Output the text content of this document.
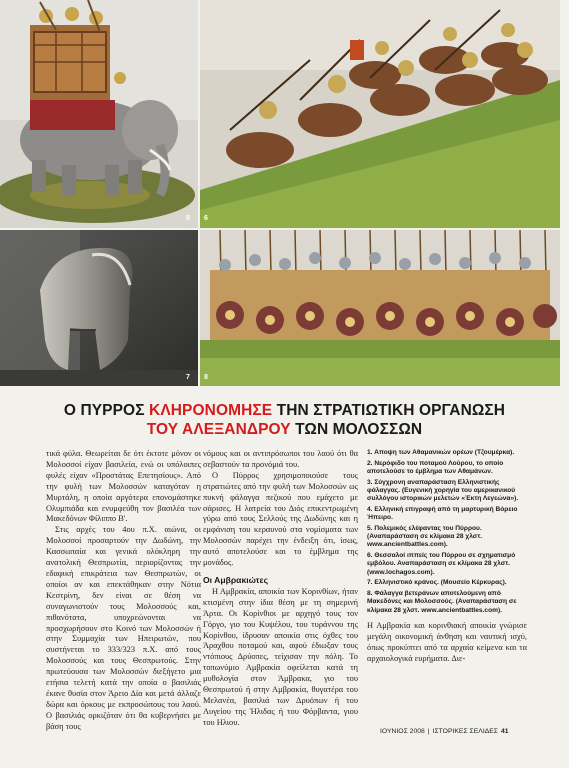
5 6
7 8
Ο ΠΥΡΡΟΣ ΚΛΗΡΟΝΟΜΗΣΕ ΤΗΝ ΣΤΡΑΤΙΩΤΙΚΗ ΟΡΓΑΝΩΣΗ
ΤΟΥ ΑΛΕΞΑΝΔΡΟΥ ΤΩΝ ΜΟΛΟΣΣΩΝ

τικά φύλα. Θεωρείται δε ότι έκτοτε μόνον οι Μολοσσοί είχαν βασιλεία, ενώ οι υπόλοιπες φυλές είχαν «Προστάτας Επετησίους». Από την φυλή των Μολοσσών καταγόταν η Μυρτάλη, η οποία αργότερα επονομάστηκε Ολυμπιάδα και ενυμφεύθη τον βασιλέα των Μακεδόνων Φίλιππο Β'.

Στις αρχές του 4ου π.Χ. αιώνα, οι Μολοσσοί προσαρτούν την Δωδώνη, την Κασσωπαία και γενικά ολόκληρη την ανατολική Θεσπρωτία, περιορίζοντας την εδαφική επικράτεια των Θεσπρωτών, οι οποίοι αν και επεκτάθηκαν στην Νότια Κεστρίνη, δεν είναι σε θέση να συναγωνιστούν τους Μολοσσούς και, πιθανότατα, υποχρεώνονται να προσχωρήσουν στο Κοινό των Μολοσσών ή στην Συμμαχία των Ηπειρωτών, που συστήνεται το 333/323 π.Χ. από τους Μολοσσούς και τους Θεσπρωτούς. Στην πρωτεύουσα των Μολοσσών διεξήγετο μια ετήσια τελετή κατά την οποία ο βασιλιάς έκανε θυσία στον Άρειο Δία και μετά άλλαζε δώρα και όρκους με εκπροσώπους του λαού. Ο βασιλιάς ορκιζόταν ότι θα κυβερνήσει με βάση τους

νόμους και οι αντιπρόσωποι του λαού ότι θα σεβαστούν τα προνόμιά του.

Ο Πύρρος χρησιμοποιούσε τους στρατιώτες από την φυλή των Μολοσσών ως πυκνή φάλαγγα πεζικού που εμάχετο με σάρισες. Η λατρεία του Διός επικεντρωμένη γύρω από τους Σελλούς της Δωδώνης και η εμφάνιση του κεραυνού στα νομίσματα των Μολοσσών παρέχει την ένδειξη ότι, ίσως, αυτό αποτελούσε και το έμβλημα της μονάδος.

Οι Αμβρακιώτες

Η Αμβρακία, αποικία των Κορινθίων, ήταν κτισμένη στην ίδια θέση με τη σημερινή Άρτα. Οι Κορίνθιοι με αρχηγό τους τον Γόργο, γιο του Κυψέλου, του τυράννου της Κορίνθου, ίδρυσαν αποικία στις όχθες του Άραχθου ποταμού και, αφού έδιωξαν τους ντόπιους Δρύοπες, τείχισαν την πόλη. Το τοπωνύμιο Αμβρακία οφείλεται κατά τη μυθολογία στον Άμβρακα, γιο του Θεσπρωτού ή στην Αμβρακία, θυγατέρα του Μελανέα, βασιλιά των Δρυόπων ή του Αυγείου της Ήλιδας ή του Φόρβαντα, γιου του Ηλιου.

1. Αποψη των Αθαμανικών ορέων (Τζουμέρκα).
2. Νερόφιδο του ποταμού Λούρου, το οποίο αποτελούσε το έμβλημα των Αθαμάνων.
3. Σύγχρονη αναπαράσταση Ελληνιστικής φάλαγγας. (Ευγενική χορηγία του αμερικανικού συλλόγου ιστορικών μελετών «Έκτη Λεγεώνα»).
4. Ελληνική επιγραφή από τη μαρτυρική Βόρειο Ήπειρο.
5. Πολεμικός ελέφαντας του Πύρρου. (Αναπαράσταση σε κλίμακα 28 χλστ. www.ancientbattles.com).
6. Θεσσαλοί ιππείς του Πύρρου σε σχηματισμό εμβόλου. Αναπαράσταση σε κλίμακα 28 χλστ. (www.lochagos.com).
7. Ελληνιστικό κράνος. (Μουσείο Κέρκυρας).
8. Φάλαγγα βετεράνων αποτελούμενη από Μακεδόνες και Μολοσσούς. (Αναπαράσταση σε κλίμακα 28 χλστ. www.ancientbattles.com).

Η Αμβρακία και κορινθιακή αποικία γνώρισε μεγάλη οικονομική άνθηση και ναυτική ισχύ, όπως προκύπτει από τα αρχαία κείμενα και τα αρχαιολογικά ευρήματα. Διε-

ΙΟΥΝΙΟΣ 2008 | ΙΣΤΟΡΙΚΕΣ ΣΕΛΙΔΕΣ 41
